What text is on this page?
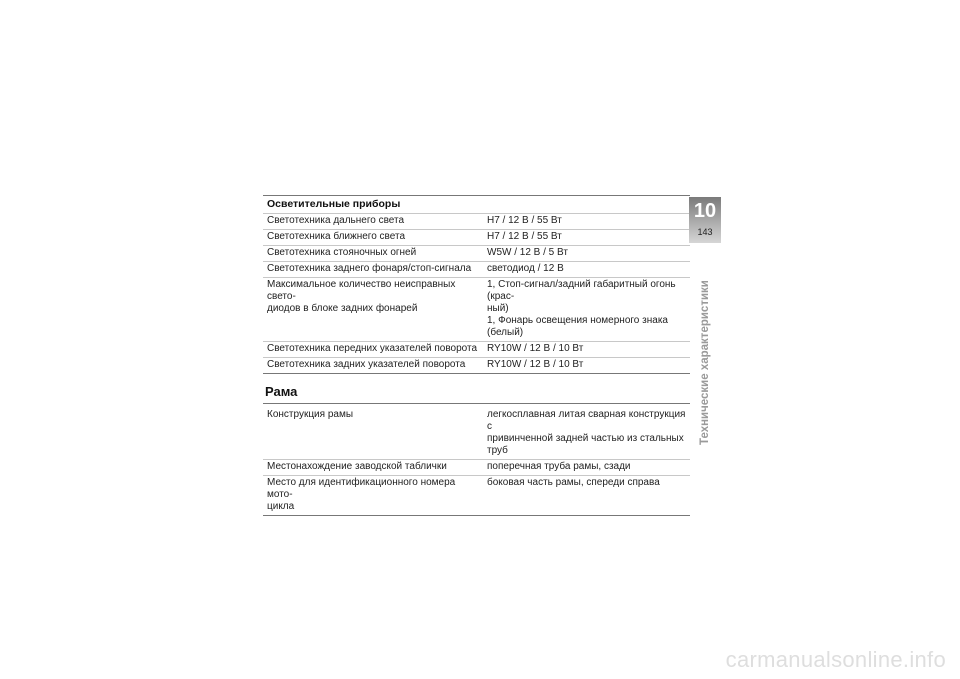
Осветительные приборы
Светотехника дальнего света	H7 / 12 В / 55 Вт
Светотехника ближнего света	H7 / 12 В / 55 Вт
Светотехника стояночных огней	W5W / 12 В / 5 Вт
Светотехника заднего фонаря/стоп-сигнала	светодиод / 12 В
Максимальное количество неисправных свето-
диодов в блоке задних фонарей	1, Стоп-сигнал/задний габаритный огонь (крас-
ный)
1, Фонарь освещения номерного знака (белый)
Светотехника передних указателей поворота	RY10W / 12 В / 10 Вт
Светотехника задних указателей поворота	RY10W / 12 В / 10 Вт
Рама
Конструкция рамы	легкосплавная литая сварная конструкция с
привинченной задней частью из стальных труб
Местонахождение заводской таблички	поперечная труба рамы, сзади
Место для идентификационного номера мото-
цикла	боковая часть рамы, спереди справа
10
143
Технические характеристики
carmanualsonline.info
